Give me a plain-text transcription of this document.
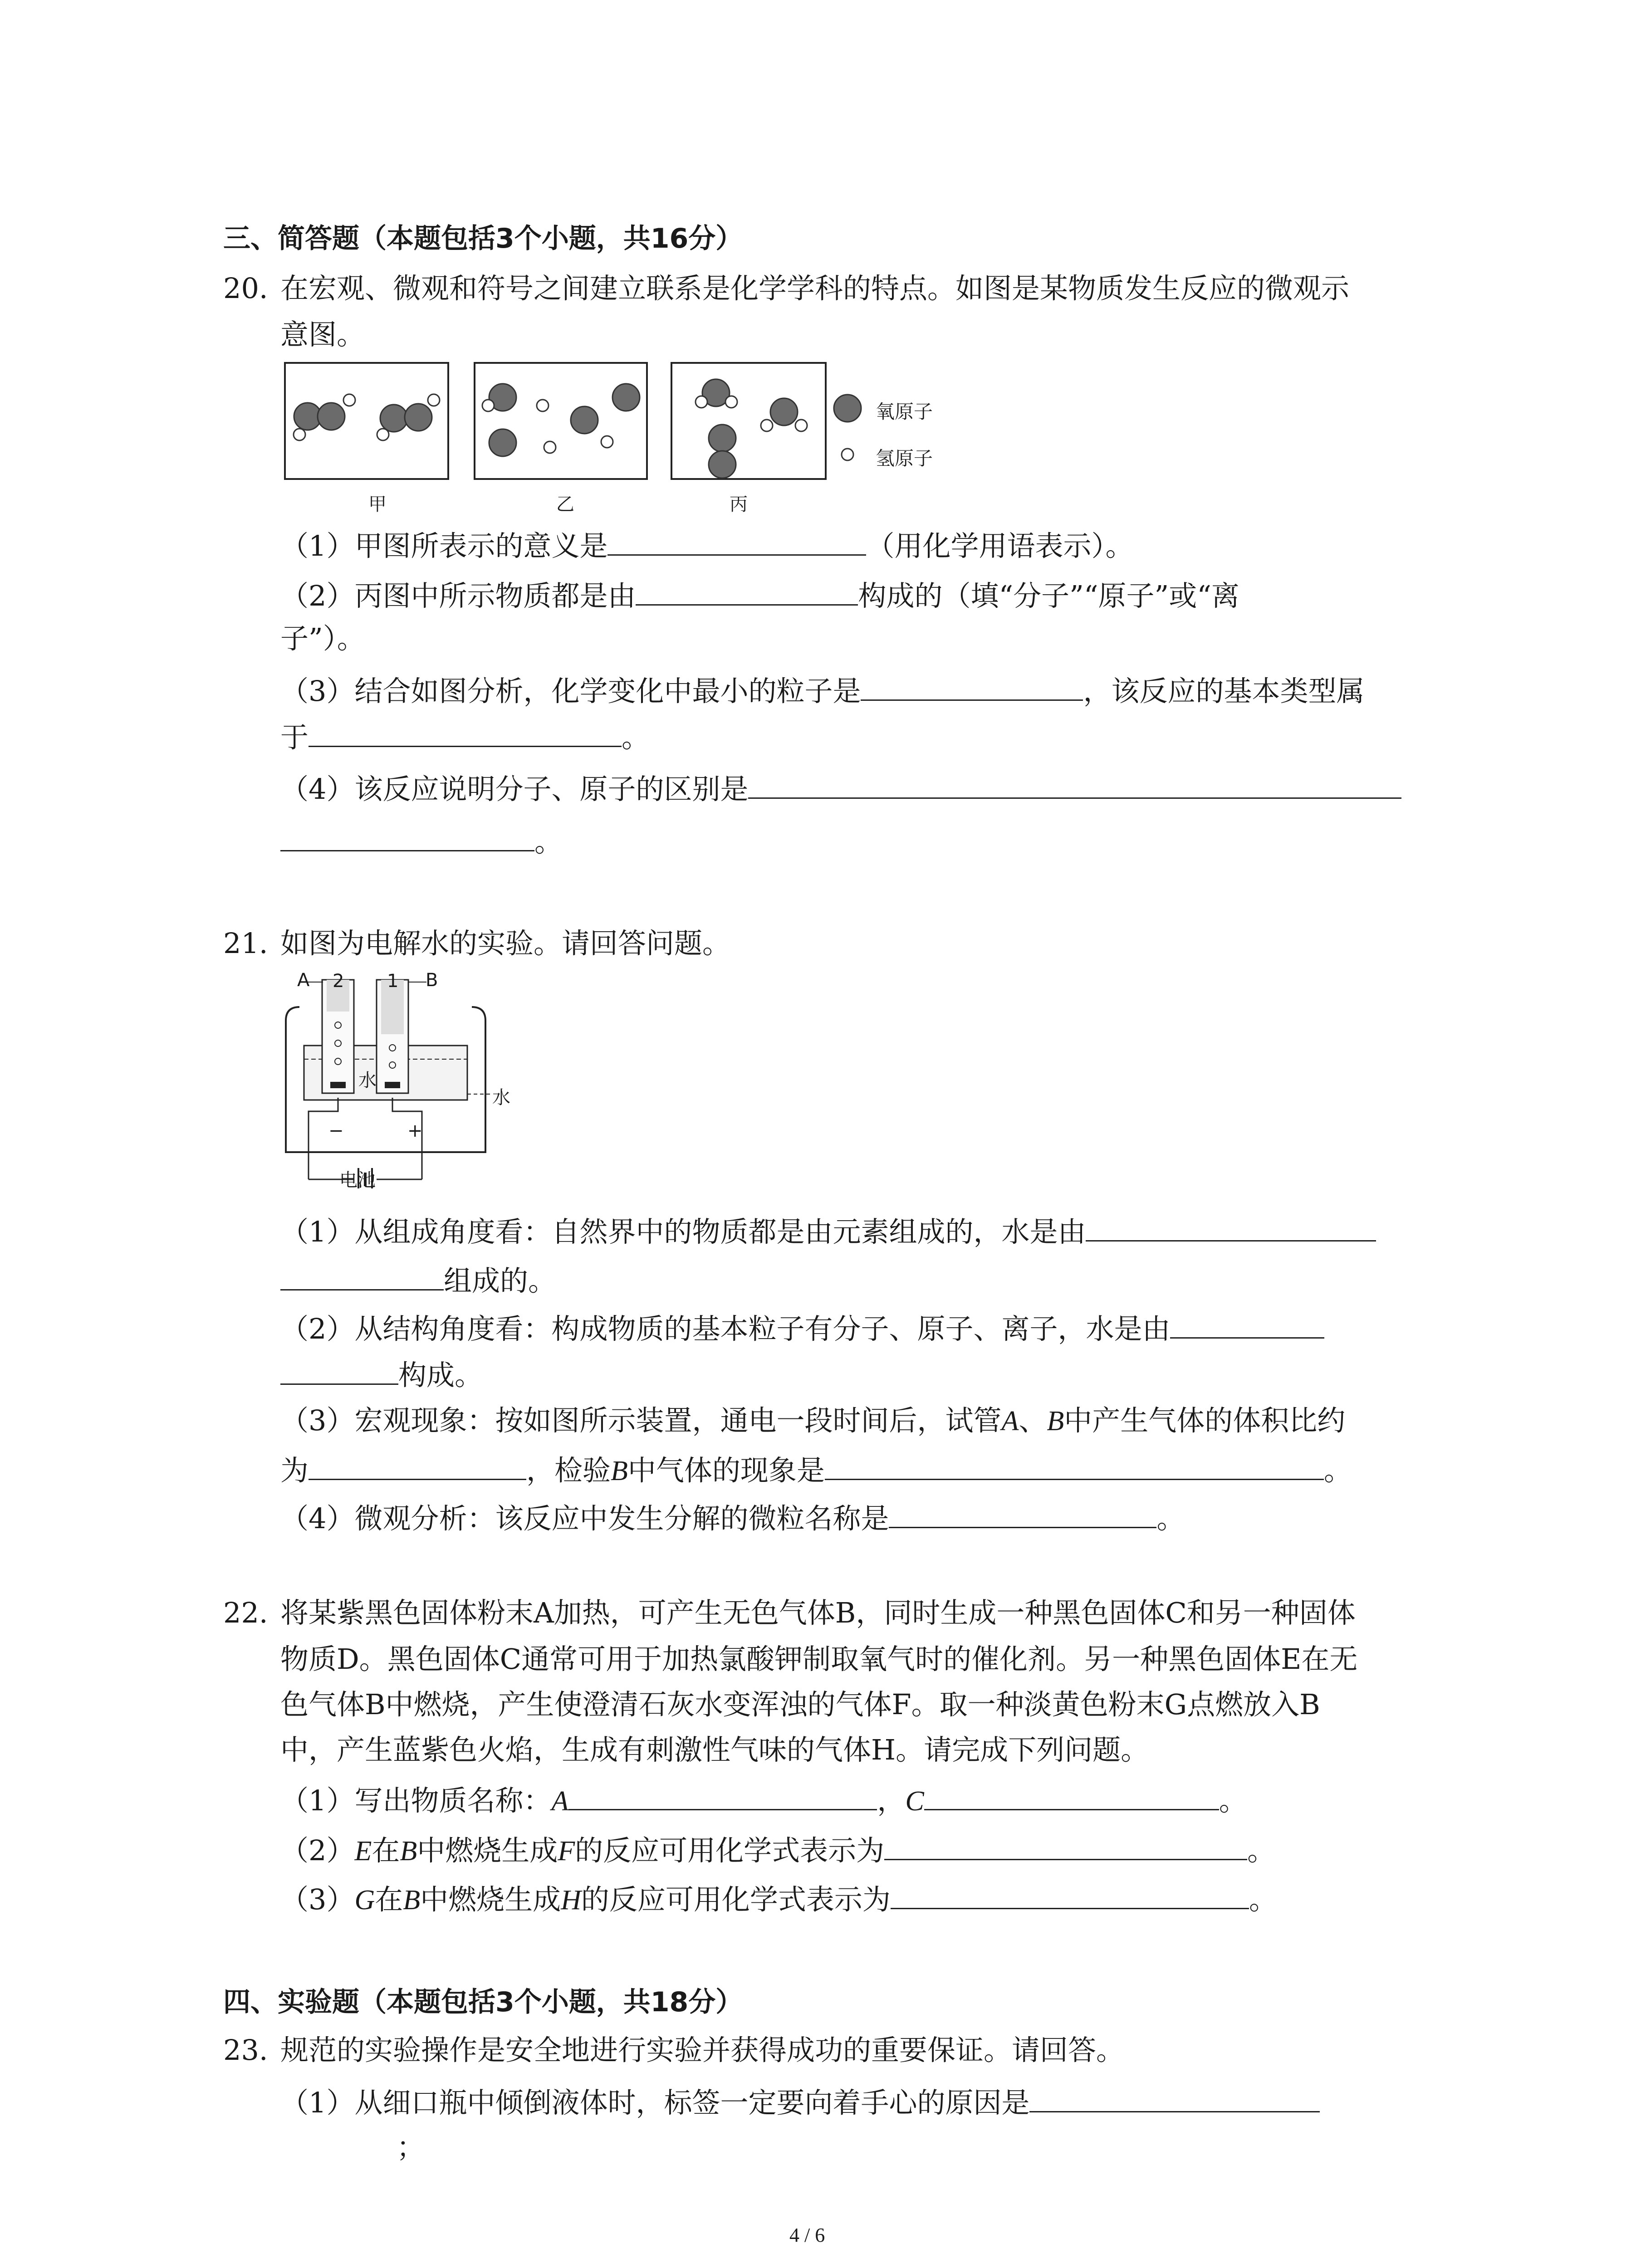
三、简答题（本题包括3个小题，共16分）
20. 在宏观、微观和符号之间建立联系是化学学科的特点。如图是某物质发生反应的微观示
意图。
氧原子
氢原子
甲	乙	丙
（1）甲图所表示的意义是	（用化学用语表示）。
（2）丙图中所示物质都是由	构成的（填“分子”“原子”或“离
子”）。
（3）结合如图分析，化学变化中最小的粒子是	，该反应的基本类型属
于	。
（4）该反应说明分子、原子的区别是
。
21. 如图为电解水的实验。请回答问题。
A	B
2 1
水
水
−	+
电池
（1）从组成角度看：自然界中的物质都是由元素组成的，水是由
组成的。
（2）从结构角度看：构成物质的基本粒子有分子、原子、离子，水是由
构成。
（3）宏观现象：按如图所示装置，通电一段时间后，试管A、B中产生气体的体积比约
为	，检验B中气体的现象是	。
（4）微观分析：该反应中发生分解的微粒名称是	。
22. 将某紫黑色固体粉末A加热，可产生无色气体B，同时生成一种黑色固体C和另一种固体
物质D。黑色固体C通常可用于加热氯酸钾制取氧气时的催化剂。另一种黑色固体E在无
色气体B中燃烧，产生使澄清石灰水变浑浊的气体F。取一种淡黄色粉末G点燃放入B
中，产生蓝紫色火焰，生成有刺激性气味的气体H。请完成下列问题。
（1）写出物质名称：A	，C	。
（2）E在B中燃烧生成F的反应可用化学式表示为	。
（3）G在B中燃烧生成H的反应可用化学式表示为	。
四、实验题（本题包括3个小题，共18分）
23. 规范的实验操作是安全地进行实验并获得成功的重要保证。请回答。
（1）从细口瓶中倾倒液体时，标签一定要向着手心的原因是
；
4 / 6
